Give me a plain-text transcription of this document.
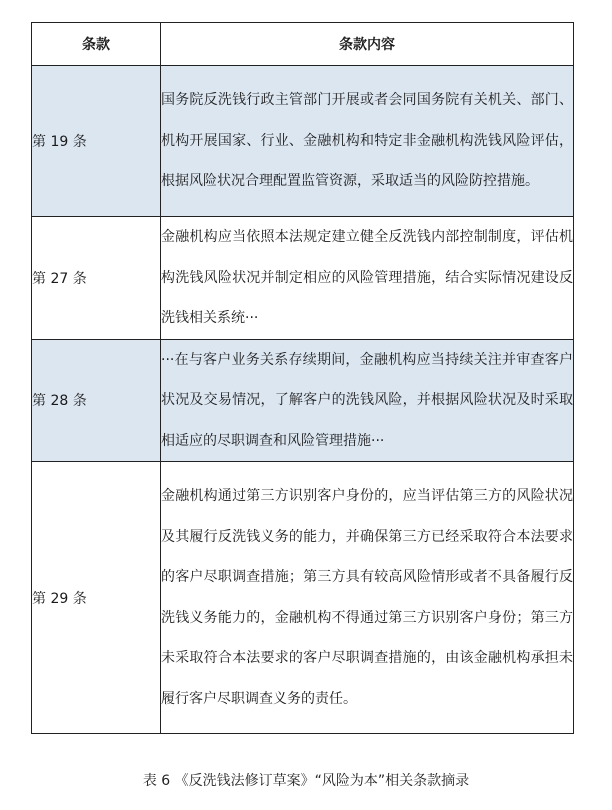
条款	条款内容
第 19 条	国务院反洗钱行政主管部门开展或者会同国务院有关机关、部门、机构开展国家、行业、金融机构和特定非金融机构洗钱风险评估，根据风险状况合理配置监管资源，采取适当的风险防控措施。
第 27 条	金融机构应当依照本法规定建立健全反洗钱内部控制制度，评估机构洗钱风险状况并制定相应的风险管理措施，结合实际情况建设反洗钱相关系统···
第 28 条	···在与客户业务关系存续期间，金融机构应当持续关注并审查客户状况及交易情况，了解客户的洗钱风险，并根据风险状况及时采取相适应的尽职调查和风险管理措施···
第 29 条	金融机构通过第三方识别客户身份的，应当评估第三方的风险状况及其履行反洗钱义务的能力，并确保第三方已经采取符合本法要求的客户尽职调查措施；第三方具有较高风险情形或者不具备履行反洗钱义务能力的，金融机构不得通过第三方识别客户身份；第三方未采取符合本法要求的客户尽职调查措施的，由该金融机构承担未履行客户尽职调查义务的责任。
表 6 《反洗钱法修订草案》“风险为本”相关条款摘录
